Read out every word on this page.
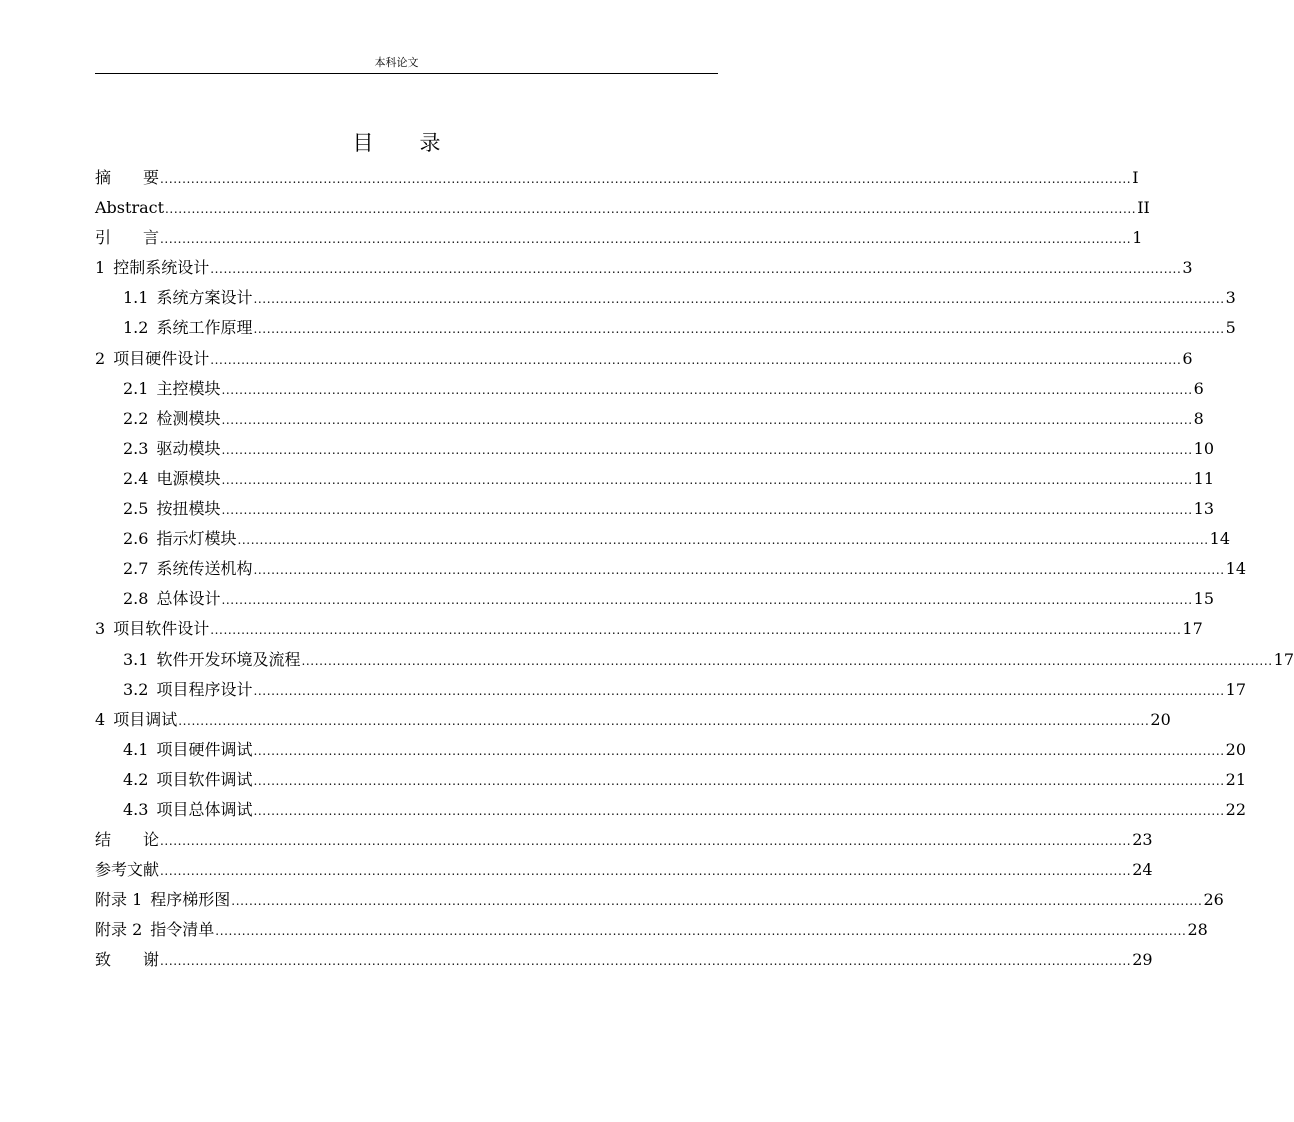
本科论文
目 录
摘　　要 ............................................................................................................................................................................................................................ I
Abstract ............................................................................................................................................................................................................................ II
引　　言 ............................................................................................................................................................................................................................ 1
1 控制系统设计 ............................................................................................................................................................................................................................ 3
1.1 系统方案设计 ............................................................................................................................................................................................................................ 3
1.2 系统工作原理 ............................................................................................................................................................................................................................ 5
2 项目硬件设计 ............................................................................................................................................................................................................................ 6
2.1 主控模块 ............................................................................................................................................................................................................................ 6
2.2 检测模块 ............................................................................................................................................................................................................................ 8
2.3 驱动模块 ............................................................................................................................................................................................................................ 10
2.4 电源模块 ............................................................................................................................................................................................................................ 11
2.5 按扭模块 ............................................................................................................................................................................................................................ 13
2.6 指示灯模块 ............................................................................................................................................................................................................................ 14
2.7 系统传送机构 ............................................................................................................................................................................................................................ 14
2.8 总体设计 ............................................................................................................................................................................................................................ 15
3 项目软件设计 ............................................................................................................................................................................................................................ 17
3.1 软件开发环境及流程 ............................................................................................................................................................................................................................ 17
3.2 项目程序设计 ............................................................................................................................................................................................................................ 17
4 项目调试 ............................................................................................................................................................................................................................ 20
4.1 项目硬件调试 ............................................................................................................................................................................................................................ 20
4.2 项目软件调试 ............................................................................................................................................................................................................................ 21
4.3 项目总体调试 ............................................................................................................................................................................................................................ 22
结　　论 ............................................................................................................................................................................................................................ 23
参考文献 ............................................................................................................................................................................................................................ 24
附录 1 程序梯形图 ............................................................................................................................................................................................................................ 26
附录 2 指令清单 ............................................................................................................................................................................................................................ 28
致　　谢 ............................................................................................................................................................................................................................ 29
